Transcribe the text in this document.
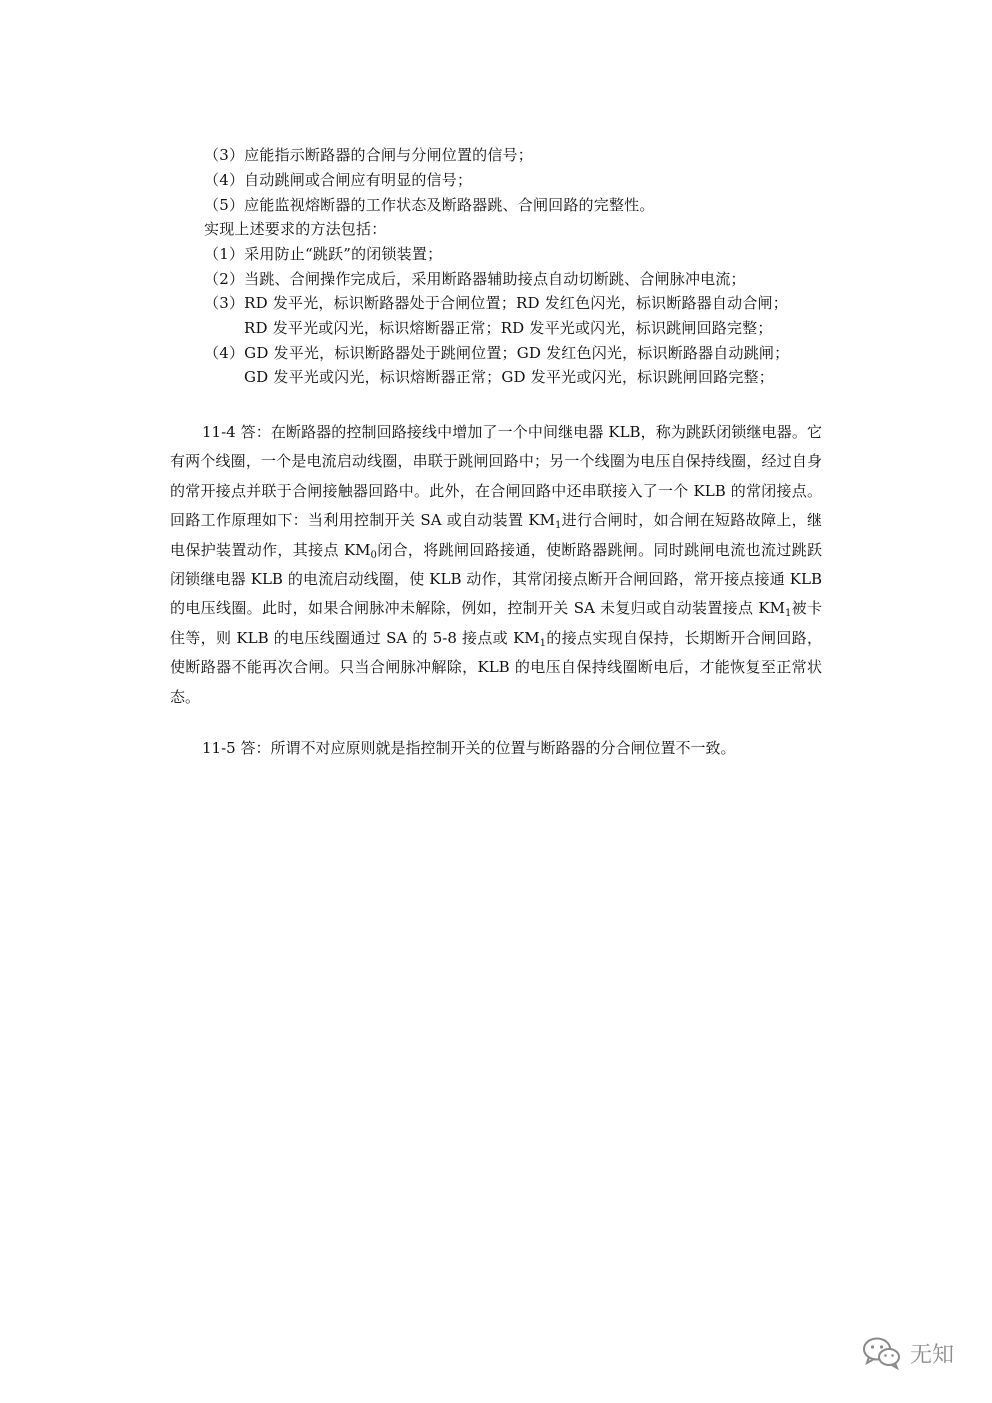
（3）应能指示断路器的合闸与分闸位置的信号；
（4）自动跳闸或合闸应有明显的信号；
（5）应能监视熔断器的工作状态及断路器跳、合闸回路的完整性。
实现上述要求的方法包括：
（1）采用防止“跳跃”的闭锁装置；
（2）当跳、合闸操作完成后，采用断路器辅助接点自动切断跳、合闸脉冲电流；
（3）RD 发平光，标识断路器处于合闸位置；RD 发红色闪光，标识断路器自动合闸；
RD 发平光或闪光，标识熔断器正常；RD 发平光或闪光，标识跳闸回路完整；
（4）GD 发平光，标识断路器处于跳闸位置；GD 发红色闪光，标识断路器自动跳闸；
GD 发平光或闪光，标识熔断器正常；GD 发平光或闪光，标识跳闸回路完整；

11-4 答：在断路器的控制回路接线中增加了一个中间继电器 KLB，称为跳跃闭锁继电器。它有两个线圈，一个是电流启动线圈，串联于跳闸回路中；另一个线圈为电压自保持线圈，经过自身的常开接点并联于合闸接触器回路中。此外，在合闸回路中还串联接入了一个 KLB 的常闭接点。回路工作原理如下：当利用控制开关 SA 或自动装置 $KM_1$进行合闸时，如合闸在短路故障上，继电保护装置动作，其接点 $KM_0$闭合，将跳闸回路接通，使断路器跳闸。同时跳闸电流也流过跳跃闭锁继电器 KLB 的电流启动线圈，使 KLB 动作，其常闭接点断开合闸回路，常开接点接通 KLB 的电压线圈。此时，如果合闸脉冲未解除，例如，控制开关 SA 未复归或自动装置接点 $KM_1$被卡住等，则 KLB 的电压线圈通过 SA 的 5-8 接点或 $KM_1$的接点实现自保持，长期断开合闸回路，使断路器不能再次合闸。只当合闸脉冲解除，KLB 的电压自保持线圈断电后，才能恢复至正常状态。

11-5 答：所谓不对应原则就是指控制开关的位置与断路器的分合闸位置不一致。

无知
